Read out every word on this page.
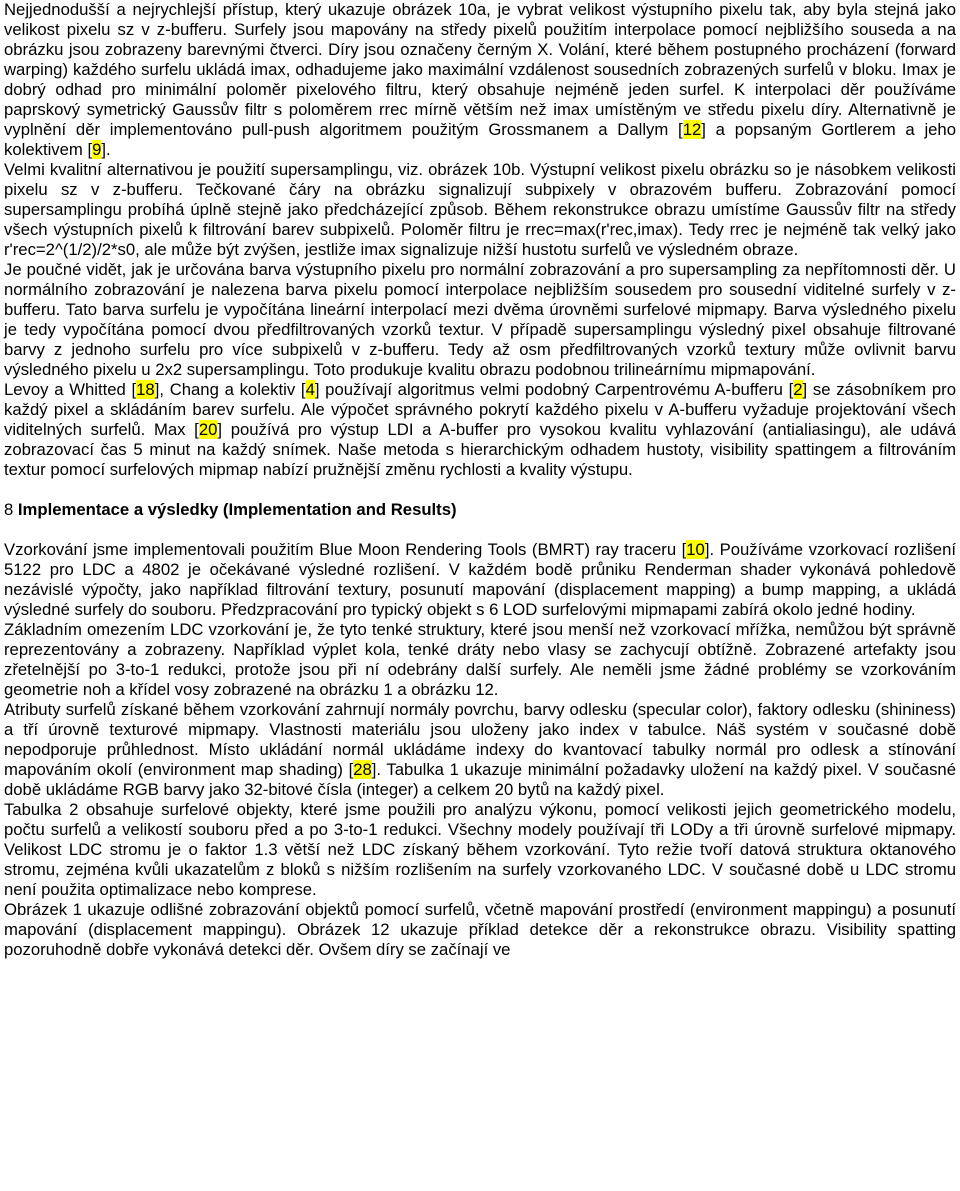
Nejjednodušší a nejrychlejší přístup, který ukazuje obrázek 10a, je vybrat velikost výstupního pixelu tak, aby byla stejná jako velikost pixelu sz v z-bufferu. Surfely jsou mapovány na středy pixelů použitím interpolace pomocí nejbližšího souseda a na obrázku jsou zobrazeny barevnými čtverci. Díry jsou označeny černým X. Volání, které během postupného procházení (forward warping) každého surfelu ukládá imax, odhadujeme jako maximální vzdálenost sousedních zobrazených surfelů v bloku. Imax je dobrý odhad pro minimální poloměr pixelového filtru, který obsahuje nejméně jeden surfel. K interpolaci děr používáme paprskový symetrický Gaussův filtr s poloměrem rrec mírně větším než imax umístěným ve středu pixelu díry. Alternativně je vyplnění děr implementováno pull-push algoritmem použitým Grossmanem a Dallym [12] a popsaným Gortlerem a jeho kolektivem [9].

Velmi kvalitní alternativou je použití supersamplingu, viz. obrázek 10b. Výstupní velikost pixelu obrázku so je násobkem velikosti pixelu sz v z-bufferu. Tečkované čáry na obrázku signalizují subpixely v obrazovém bufferu. Zobrazování pomocí supersamplingu probíhá úplně stejně jako předcházející způsob. Během rekonstrukce obrazu umístíme Gaussův filtr na středy všech výstupních pixelů k filtrování barev subpixelů. Poloměr filtru je rrec=max(r'rec,imax). Tedy rrec je nejméně tak velký jako r'rec=2^(1/2)/2*s0, ale může být zvýšen, jestliže imax signalizuje nižší hustotu surfelů ve výsledném obraze.

Je poučné vidět, jak je určována barva výstupního pixelu pro normální zobrazování a pro supersampling za nepřítomnosti děr. U normálního zobrazování je nalezena barva pixelu pomocí interpolace nejbližším sousedem pro sousední viditelné surfely v z-bufferu. Tato barva surfelu je vypočítána lineární interpolací mezi dvěma úrovněmi surfelové mipmapy. Barva výsledného pixelu je tedy vypočítána pomocí dvou předfiltrovaných vzorků textur. V případě supersamplingu výsledný pixel obsahuje filtrované barvy z jednoho surfelu pro více subpixelů v z-bufferu. Tedy až osm předfiltrovaných vzorků textury může ovlivnit barvu výsledného pixelu u 2x2 supersamplingu. Toto produkuje kvalitu obrazu podobnou trilineárnímu mipmapování.

Levoy a Whitted [18], Chang a kolektiv [4] používají algoritmus velmi podobný Carpentrovému A-bufferu [2] se zásobníkem pro každý pixel a skládáním barev surfelu. Ale výpočet správného pokrytí každého pixelu v A-bufferu vyžaduje projektování všech viditelných surfelů. Max [20] používá pro výstup LDI a A-buffer pro vysokou kvalitu vyhlazování (antialiasingu), ale udává zobrazovací čas 5 minut na každý snímek. Naše metoda s hierarchickým odhadem hustoty, visibility spattingem a filtrováním textur pomocí surfelových mipmap nabízí pružnější změnu rychlosti a kvality výstupu.

8 Implementace a výsledky (Implementation and Results)

Vzorkování jsme implementovali použitím Blue Moon Rendering Tools (BMRT) ray traceru [10]. Používáme vzorkovací rozlišení 5122 pro LDC a 4802 je očekávané výsledné rozlišení. V každém bodě průniku Renderman shader vykonává pohledově nezávislé výpočty, jako například filtrování textury, posunutí mapování (displacement mapping) a bump mapping, a ukládá výsledné surfely do souboru. Předzpracování pro typický objekt s 6 LOD surfelovými mipmapami zabírá okolo jedné hodiny.

Základním omezením LDC vzorkování je, že tyto tenké struktury, které jsou menší než vzorkovací mřížka, nemůžou být správně reprezentovány a zobrazeny. Například výplet kola, tenké dráty nebo vlasy se zachycují obtížně. Zobrazené artefakty jsou zřetelnější po 3-to-1 redukci, protože jsou při ní odebrány další surfely. Ale neměli jsme žádné problémy se vzorkováním geometrie noh a křídel vosy zobrazené na obrázku 1 a obrázku 12.

Atributy surfelů získané během vzorkování zahrnují normály povrchu, barvy odlesku (specular color), faktory odlesku (shininess) a tří úrovně texturové mipmapy. Vlastnosti materiálu jsou uloženy jako index v tabulce. Náš systém v současné době nepodporuje průhlednost. Místo ukládání normál ukládáme indexy do kvantovací tabulky normál pro odlesk a stínování mapováním okolí (environment map shading) [28]. Tabulka 1 ukazuje minimální požadavky uložení na každý pixel. V současné době ukládáme RGB barvy jako 32-bitové čísla (integer) a celkem 20 bytů na každý pixel.

Tabulka 2 obsahuje surfelové objekty, které jsme použili pro analýzu výkonu, pomocí velikosti jejich geometrického modelu, počtu surfelů a velikostí souboru před a po 3-to-1 redukci. Všechny modely používají tři LODy a tři úrovně surfelové mipmapy. Velikost LDC stromu je o faktor 1.3 větší než LDC získaný během vzorkování. Tyto režie tvoří datová struktura oktanového stromu, zejména kvůli ukazatelům z bloků s nižším rozlišením na surfely vzorkovaného LDC. V současné době u LDC stromu není použita optimalizace nebo komprese.

Obrázek 1 ukazuje odlišné zobrazování objektů pomocí surfelů, včetně mapování prostředí (environment mappingu) a posunutí mapování (displacement mappingu). Obrázek 12 ukazuje příklad detekce děr a rekonstrukce obrazu. Visibility spatting pozoruhodně dobře vykonává detekci děr. Ovšem díry se začínají ve
